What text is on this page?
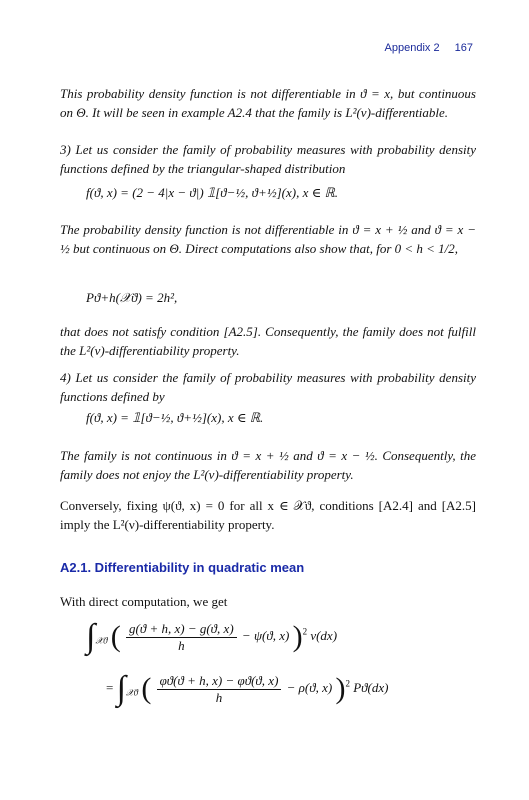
Appendix 2 167
This probability density function is not differentiable in ϑ = x, but continuous on Θ. It will be seen in example A2.4 that the family is L²(ν)-differentiable.
3) Let us consider the family of probability measures with probability density functions defined by the triangular-shaped distribution
f(ϑ, x) = (2 − 4|x − ϑ|) 𝟙[ϑ−½, ϑ+½](x), x ∈ ℝ.
The probability density function is not differentiable in ϑ = x + ½ and ϑ = x − ½ but continuous on Θ. Direct computations also show that, for 0 < h < 1/2,
Pϑ+h(𝒳ϑ) = 2h²,
that does not satisfy condition [A2.5]. Consequently, the family does not fulfill the L²(ν)-differentiability property.
4) Let us consider the family of probability measures with probability density functions defined by
f(ϑ, x) = 𝟙[ϑ−½, ϑ+½](x), x ∈ ℝ.
The family is not continuous in ϑ = x + ½ and ϑ = x − ½. Consequently, the family does not enjoy the L²(ν)-differentiability property.
Conversely, fixing ψ(ϑ, x) = 0 for all x ∈ 𝒳ϑ, conditions [A2.4] and [A2.5] imply the L²(ν)-differentiability property.
A2.1. Differentiability in quadratic mean
With direct computation, we get
$\int_{𝒳ϑ}$ ( $\frac{g(ϑ + h, x) - g(ϑ, x)}{h} - \psi(ϑ$, x) )$^2$ ν(dx)
= $\int_{𝒳ϑ}$ ( $\frac{\varphi ϑ(ϑ + h, x) - \varphi ϑ(ϑ, x)}{h} - \rho(ϑ$, x) )$^2$ Pϑ(dx)
